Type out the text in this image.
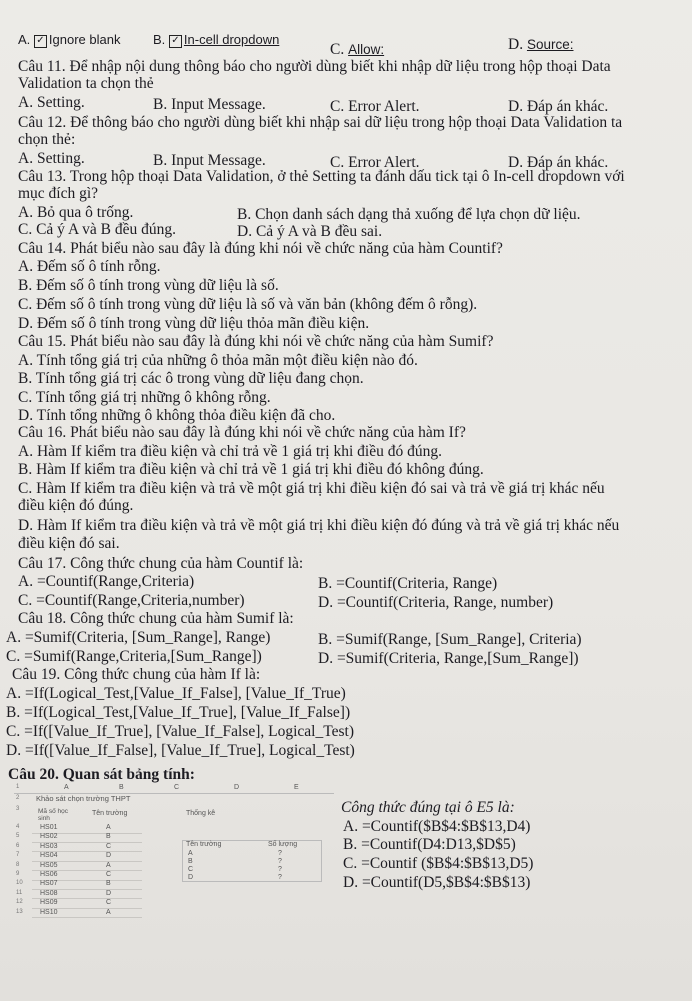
A. ✓ Ignore blank	B. ✓ In-cell dropdown
C. Allow:	D. Source:
Câu 11. Để nhập nội dung thông báo cho người dùng biết khi nhập dữ liệu trong hộp thoại Data
Validation ta chọn thẻ
A. Setting.	B. Input Message.	C. Error Alert.	D. Đáp án khác.
Câu 12. Để thông báo cho người dùng biết khi nhập sai dữ liệu trong hộp thoại Data Validation ta
chọn thẻ:
A. Setting.	B. Input Message.	C. Error Alert.	D. Đáp án khác.
Câu 13. Trong hộp thoại Data Validation, ở thẻ Setting ta đánh dấu tick tại ô In-cell dropdown với
mục đích gì?
A. Bỏ qua ô trống.	B. Chọn danh sách dạng thả xuống để lựa chọn dữ liệu.
C. Cả ý A và B đều đúng.	D. Cả ý A và B đều sai.
Câu 14. Phát biểu nào sau đây là đúng khi nói về chức năng của hàm Countif?
A. Đếm số ô tính rỗng.
B. Đếm số ô tính trong vùng dữ liệu là số.
C. Đếm số ô tính trong vùng dữ liệu là số và văn bản (không đếm ô rỗng).
D. Đếm số ô tính trong vùng dữ liệu thỏa mãn điều kiện.
Câu 15. Phát biểu nào sau đây là đúng khi nói về chức năng của hàm Sumif?
A. Tính tổng giá trị của những ô thỏa mãn một điều kiện nào đó.
B. Tính tổng giá trị các ô trong vùng dữ liệu đang chọn.
C. Tính tổng giá trị những ô không rỗng.
D. Tính tổng những ô không thỏa điều kiện đã cho.
Câu 16. Phát biểu nào sau đây là đúng khi nói về chức năng của hàm If?
A. Hàm If kiểm tra điều kiện và chỉ trả về 1 giá trị khi điều đó đúng.
B. Hàm If kiểm tra điều kiện và chỉ trả về 1 giá trị khi điều đó không đúng.
C. Hàm If kiểm tra điều kiện và trả về một giá trị khi điều kiện đó sai và trả về giá trị khác nếu
điều kiện đó đúng.
D. Hàm If kiểm tra điều kiện và trả về một giá trị khi điều kiện đó đúng và trả về giá trị khác nếu
điều kiện đó sai.
Câu 17. Công thức chung của hàm Countif là:
A. =Countif(Range,Criteria)	B. =Countif(Criteria, Range)
C. =Countif(Range,Criteria,number)	D. =Countif(Criteria, Range, number)
Câu 18. Công thức chung của hàm Sumif là:
A. =Sumif(Criteria, [Sum_Range], Range)	B. =Sumif(Range, [Sum_Range], Criteria)
C. =Sumif(Range,Criteria,[Sum_Range])	D. =Sumif(Criteria, Range,[Sum_Range])
Câu 19. Công thức chung của hàm If là:
A. =If(Logical_Test,[Value_If_False], [Value_If_True)
B. =If(Logical_Test,[Value_If_True], [Value_If_False])
C. =If([Value_If_True], [Value_If_False], Logical_Test)
D. =If([Value_If_False], [Value_If_True], Logical_Test)
Câu 20. Quan sát bảng tính:
Công thức đúng tại ô E5 là:
A. =Countif($B$4:$B$13,D4)
B. =Countif(D4:D13,$D$5)
C. =Countif ($B$4:$B$13,D5)
D. =Countif(D5,$B$4:$B$13)
A	B	C	D	E
Khảo sát chọn trường THPT
Mã số học sinh
Tên trường	Thống kê
1
2
3
4	HS01	A
5	HS02	B
6	HS03	C
7	HS04	D
8	HS05	A
9	HS06	C
10 HS07	B
11	HS08	D
12 HS09	C
13 HS10	A
Tên trường	Số lượng
A	?
B	?
C	?
D	?
